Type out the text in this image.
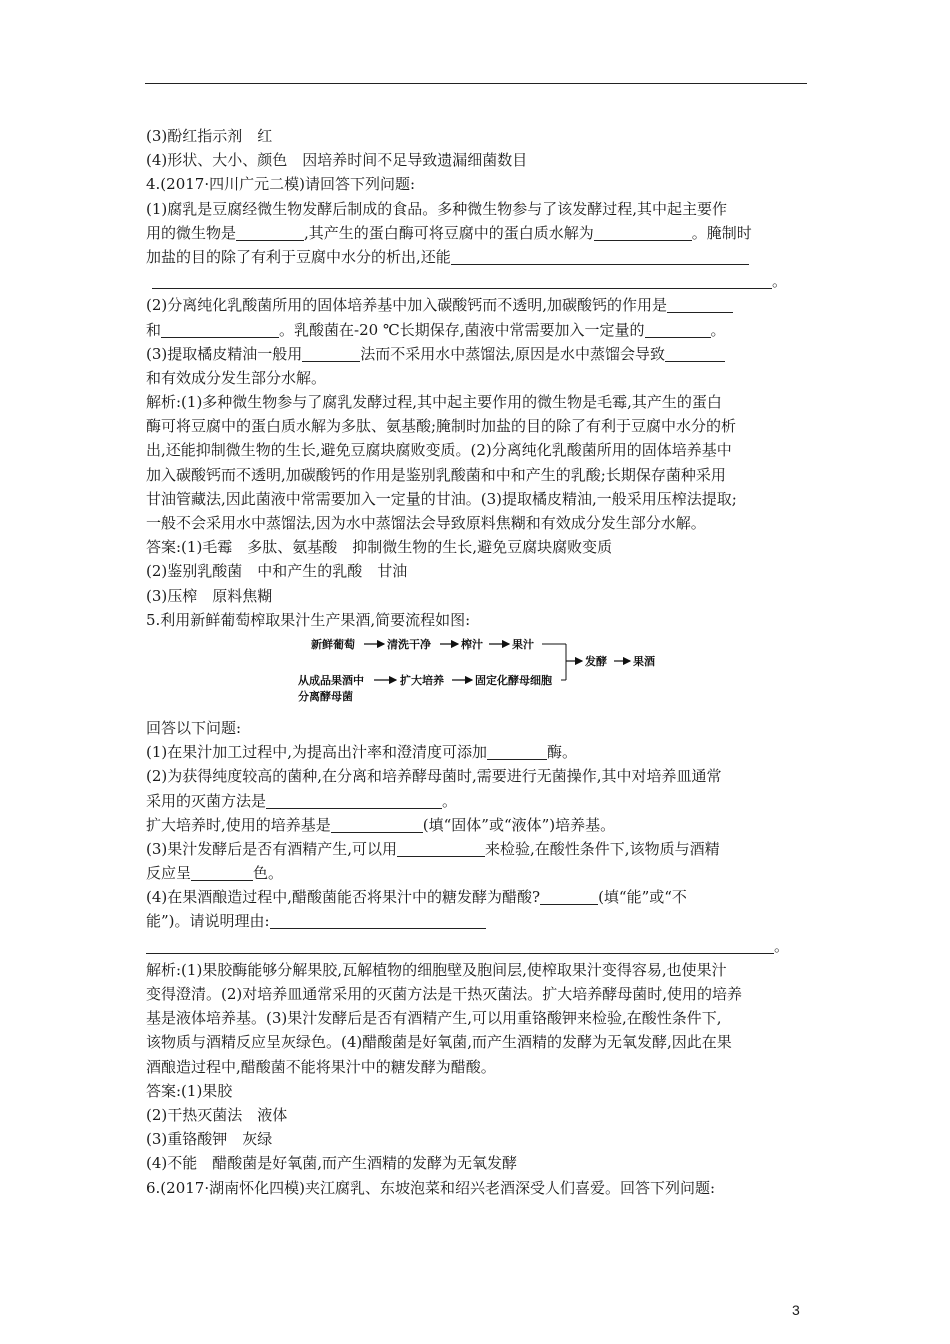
(3)酚红指示剂　红
(4)形状、大小、颜色　因培养时间不足导致遗漏细菌数目
4.(2017·四川广元二模)请回答下列问题:
(1)腐乳是豆腐经微生物发酵后制成的食品。多种微生物参与了该发酵过程,其中起主要作
用的微生物是	,其产生的蛋白酶可将豆腐中的蛋白质水解为	。腌制时
加盐的目的除了有利于豆腐中水分的析出,还能
。
(2)分离纯化乳酸菌所用的固体培养基中加入碳酸钙而不透明,加碳酸钙的作用是
和	。乳酸菌在-20 ℃长期保存,菌液中常需要加入一定量的	。
(3)提取橘皮精油一般用	法而不采用水中蒸馏法,原因是水中蒸馏会导致
和有效成分发生部分水解。
解析:(1)多种微生物参与了腐乳发酵过程,其中起主要作用的微生物是毛霉,其产生的蛋白
酶可将豆腐中的蛋白质水解为多肽、氨基酸;腌制时加盐的目的除了有利于豆腐中水分的析
出,还能抑制微生物的生长,避免豆腐块腐败变质。(2)分离纯化乳酸菌所用的固体培养基中
加入碳酸钙而不透明,加碳酸钙的作用是鉴别乳酸菌和中和产生的乳酸;长期保存菌种采用
甘油管藏法,因此菌液中常需要加入一定量的甘油。(3)提取橘皮精油,一般采用压榨法提取;
一般不会采用水中蒸馏法,因为水中蒸馏法会导致原料焦糊和有效成分发生部分水解。
答案:(1)毛霉　多肽、氨基酸　抑制微生物的生长,避免豆腐块腐败变质
(2)鉴别乳酸菌　中和产生的乳酸　甘油
(3)压榨　原料焦糊
5.利用新鲜葡萄榨取果汁生产果酒,简要流程如图:
新鲜葡萄	清洗干净	榨汁	果汁
发酵 果酒
从成品果酒中
分离酵母菌
扩大培养	固定化酵母细胞
回答以下问题:
(1)在果汁加工过程中,为提高出汁率和澄清度可添加	酶。
(2)为获得纯度较高的菌种,在分离和培养酵母菌时,需要进行无菌操作,其中对培养皿通常
采用的灭菌方法是	。
扩大培养时,使用的培养基是	(填“固体”或“液体”)培养基。
(3)果汁发酵后是否有酒精产生,可以用	来检验,在酸性条件下,该物质与酒精
反应呈	色。
(4)在果酒酿造过程中,醋酸菌能否将果汁中的糖发酵为醋酸?	(填“能”或“不
能”)。请说明理由:
。
解析:(1)果胶酶能够分解果胶,瓦解植物的细胞壁及胞间层,使榨取果汁变得容易,也使果汁
变得澄清。(2)对培养皿通常采用的灭菌方法是干热灭菌法。扩大培养酵母菌时,使用的培养
基是液体培养基。(3)果汁发酵后是否有酒精产生,可以用重铬酸钾来检验,在酸性条件下,
该物质与酒精反应呈灰绿色。(4)醋酸菌是好氧菌,而产生酒精的发酵为无氧发酵,因此在果
酒酿造过程中,醋酸菌不能将果汁中的糖发酵为醋酸。
答案:(1)果胶
(2)干热灭菌法　液体
(3)重铬酸钾　灰绿
(4)不能　醋酸菌是好氧菌,而产生酒精的发酵为无氧发酵
6.(2017·湖南怀化四模)夹江腐乳、东坡泡菜和绍兴老酒深受人们喜爱。回答下列问题:
3
